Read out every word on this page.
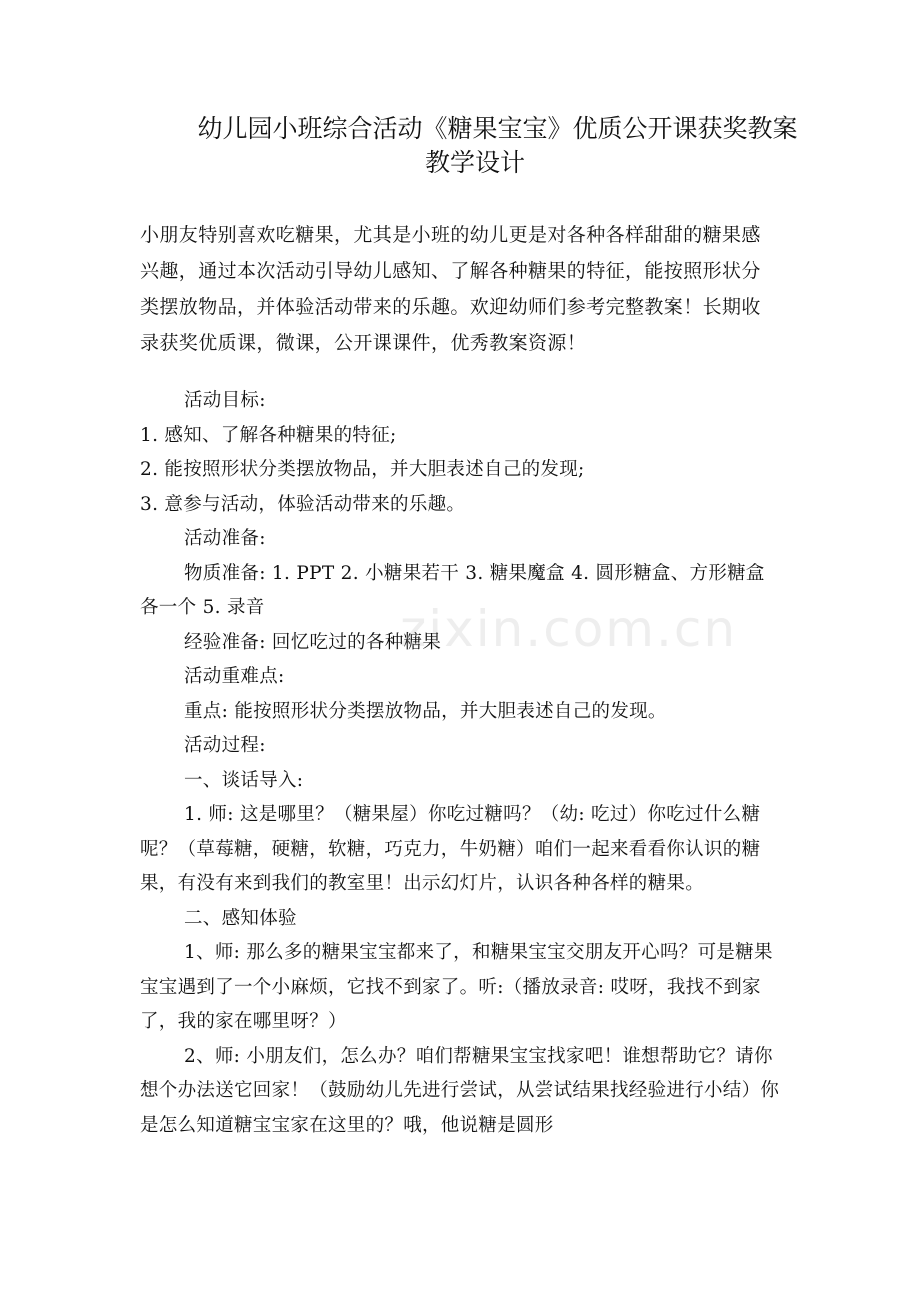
幼儿园小班综合活动《糖果宝宝》优质公开课获奖教案
教学设计

小朋友特别喜欢吃糖果，尤其是小班的幼儿更是对各种各样甜甜的糖果感兴趣，通过本次活动引导幼儿感知、了解各种糖果的特征，能按照形状分类摆放物品，并体验活动带来的乐趣。欢迎幼师们参考完整教案！长期收录获奖优质课，微课，公开课课件，优秀教案资源！

活动目标:

1. 感知、了解各种糖果的特征;

2. 能按照形状分类摆放物品，并大胆表述自己的发现;

3. 意参与活动，体验活动带来的乐趣。

活动准备:

物质准备: 1. PPT 2. 小糖果若干 3. 糖果魔盒 4. 圆形糖盒、方形糖盒各一个 5. 录音

经验准备: 回忆吃过的各种糖果

活动重难点:

重点: 能按照形状分类摆放物品，并大胆表述自己的发现。

活动过程:

一、谈话导入:

1. 师: 这是哪里？（糖果屋）你吃过糖吗？（幼: 吃过）你吃过什么糖呢？（草莓糖，硬糖，软糖，巧克力，牛奶糖）咱们一起来看看你认识的糖果，有没有来到我们的教室里！出示幻灯片，认识各种各样的糖果。

二、感知体验

1、师: 那么多的糖果宝宝都来了，和糖果宝宝交朋友开心吗？可是糖果宝宝遇到了一个小麻烦，它找不到家了。听:（播放录音: 哎呀，我找不到家了，我的家在哪里呀？）

2、师: 小朋友们，怎么办？咱们帮糖果宝宝找家吧！谁想帮助它？请你想个办法送它回家！（鼓励幼儿先进行尝试，从尝试结果找经验进行小结）你是怎么知道糖宝宝家在这里的？哦，他说糖是圆形

zixin.com.cn
